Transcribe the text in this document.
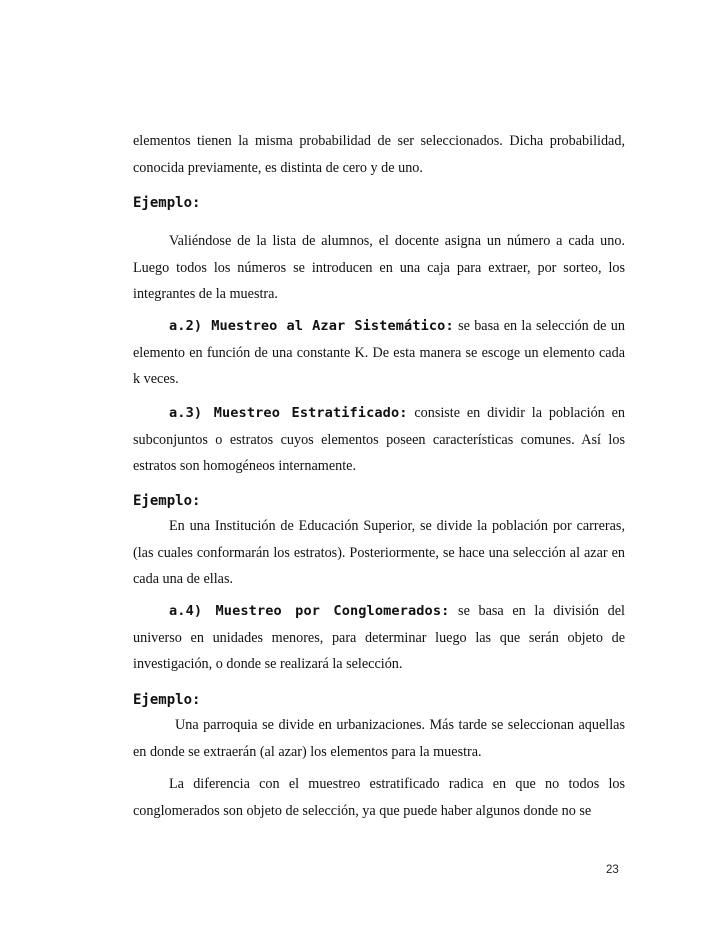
elementos tienen la misma probabilidad de ser seleccionados. Dicha probabilidad, conocida previamente, es distinta de cero y de uno.

Ejemplo:

Valiéndose de la lista de alumnos, el docente asigna un número a cada uno. Luego todos los números se introducen en una caja para extraer, por sorteo, los integrantes de la muestra.

a.2) Muestreo al Azar Sistemático: se basa en la selección de un elemento en función de una constante K. De esta manera se escoge un elemento cada k veces.

a.3) Muestreo Estratificado: consiste en dividir la población en subconjuntos o estratos cuyos elementos poseen características comunes. Así los estratos son homogéneos internamente.

Ejemplo:

En una Institución de Educación Superior, se divide la población por carreras, (las cuales conformarán los estratos). Posteriormente, se hace una selección al azar en cada una de ellas.

a.4) Muestreo por Conglomerados: se basa en la división del universo en unidades menores, para determinar luego las que serán objeto de investigación, o donde se realizará la selección.

Ejemplo:

Una parroquia se divide en urbanizaciones. Más tarde se seleccionan aquellas en donde se extraerán (al azar) los elementos para la muestra.

La diferencia con el muestreo estratificado radica en que no todos los conglomerados son objeto de selección, ya que puede haber algunos donde no se

23
